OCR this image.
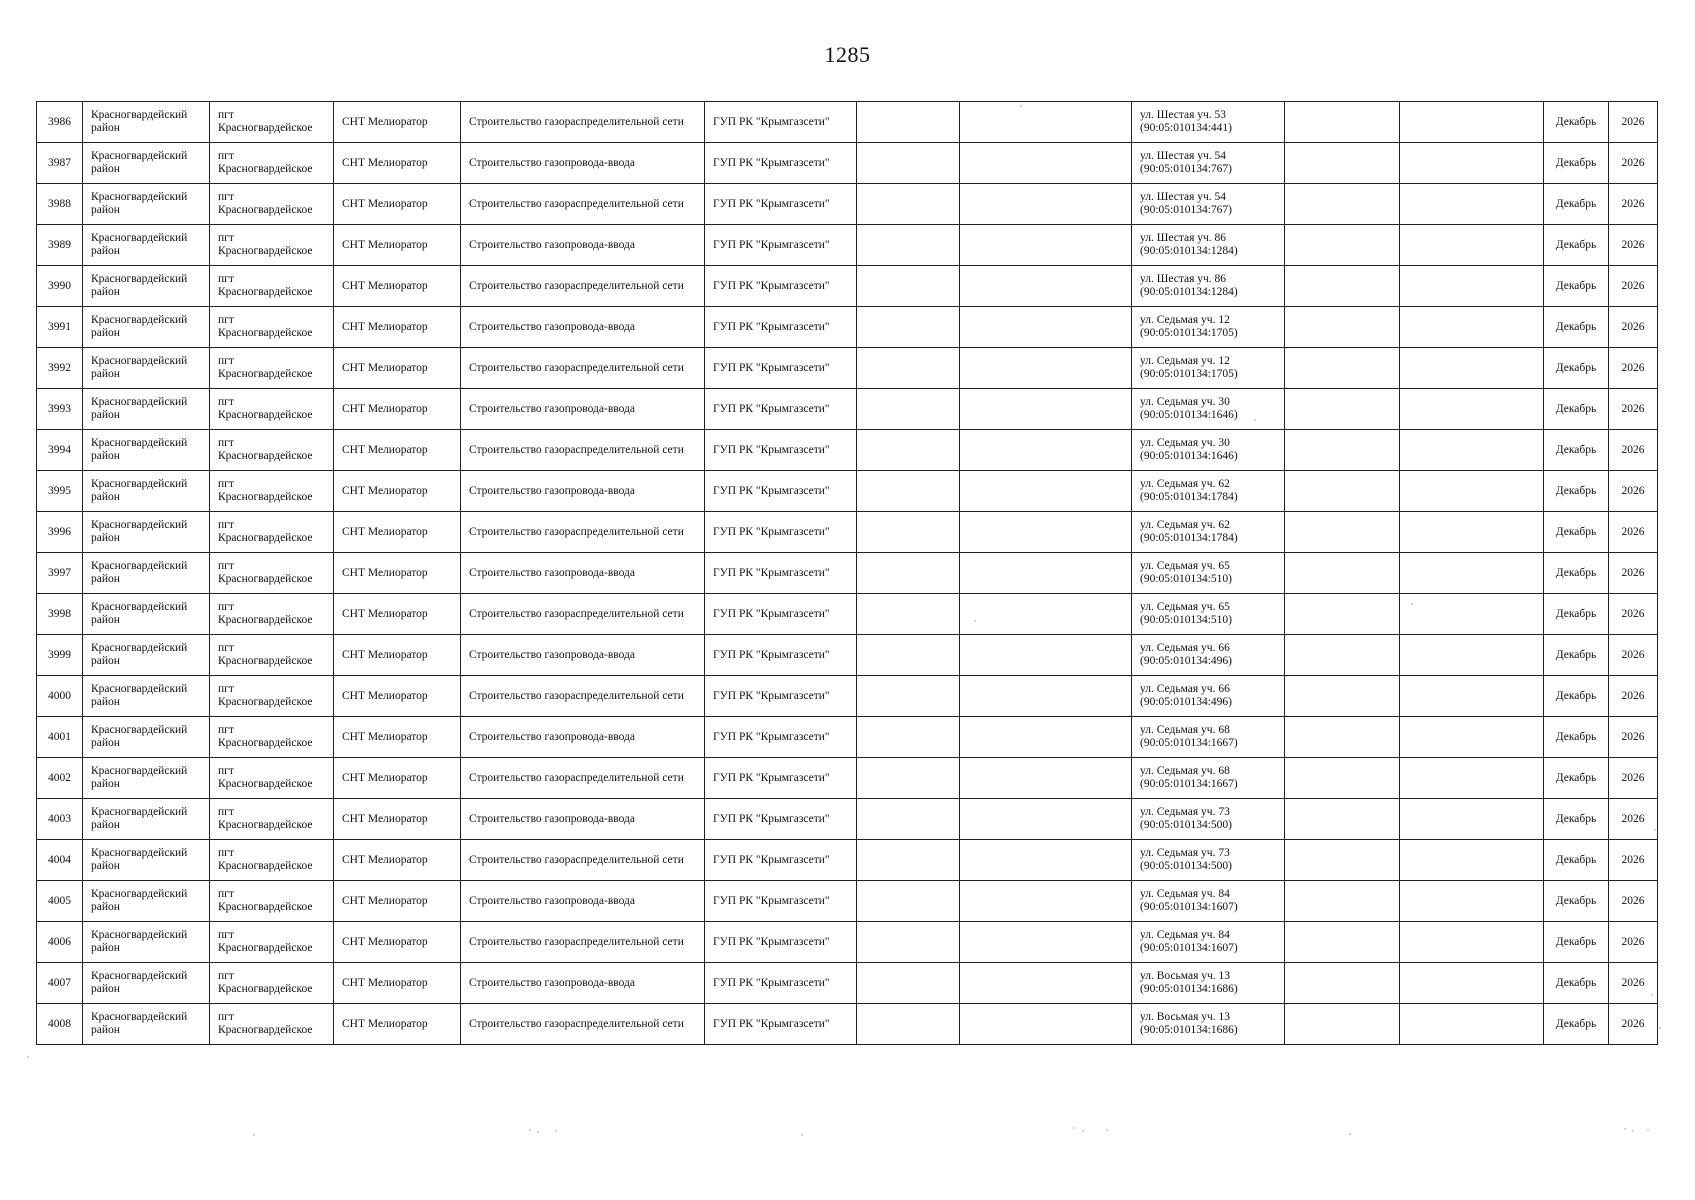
1285
3986	Красногвардейский район	пгт Красногвардейское	СНТ Мелиоратор	Строительство газораспределительной сети	ГУП РК "Крымгазсети"			ул. Шестая уч. 53 (90:05:010134:441)			Декабрь	2026
3987	Красногвардейский район	пгт Красногвардейское	СНТ Мелиоратор	Строительство газопровода-ввода	ГУП РК "Крымгазсети"			ул. Шестая уч. 54 (90:05:010134:767)			Декабрь	2026
3988	Красногвардейский район	пгт Красногвардейское	СНТ Мелиоратор	Строительство газораспределительной сети	ГУП РК "Крымгазсети"			ул. Шестая уч. 54 (90:05:010134:767)			Декабрь	2026
3989	Красногвардейский район	пгт Красногвардейское	СНТ Мелиоратор	Строительство газопровода-ввода	ГУП РК "Крымгазсети"			ул. Шестая уч. 86 (90:05:010134:1284)			Декабрь	2026
3990	Красногвардейский район	пгт Красногвардейское	СНТ Мелиоратор	Строительство газораспределительной сети	ГУП РК "Крымгазсети"			ул. Шестая уч. 86 (90:05:010134:1284)			Декабрь	2026
3991	Красногвардейский район	пгт Красногвардейское	СНТ Мелиоратор	Строительство газопровода-ввода	ГУП РК "Крымгазсети"			ул. Седьмая уч. 12 (90:05:010134:1705)			Декабрь	2026
3992	Красногвардейский район	пгт Красногвардейское	СНТ Мелиоратор	Строительство газораспределительной сети	ГУП РК "Крымгазсети"			ул. Седьмая уч. 12 (90:05:010134:1705)			Декабрь	2026
3993	Красногвардейский район	пгт Красногвардейское	СНТ Мелиоратор	Строительство газопровода-ввода	ГУП РК "Крымгазсети"			ул. Седьмая уч. 30 (90:05:010134:1646)			Декабрь	2026
3994	Красногвардейский район	пгт Красногвардейское	СНТ Мелиоратор	Строительство газораспределительной сети	ГУП РК "Крымгазсети"			ул. Седьмая уч. 30 (90:05:010134:1646)			Декабрь	2026
3995	Красногвардейский район	пгт Красногвардейское	СНТ Мелиоратор	Строительство газопровода-ввода	ГУП РК "Крымгазсети"			ул. Седьмая уч. 62 (90:05:010134:1784)			Декабрь	2026
3996	Красногвардейский район	пгт Красногвардейское	СНТ Мелиоратор	Строительство газораспределительной сети	ГУП РК "Крымгазсети"			ул. Седьмая уч. 62 (90:05:010134:1784)			Декабрь	2026
3997	Красногвардейский район	пгт Красногвардейское	СНТ Мелиоратор	Строительство газопровода-ввода	ГУП РК "Крымгазсети"			ул. Седьмая уч. 65 (90:05:010134:510)			Декабрь	2026
3998	Красногвардейский район	пгт Красногвардейское	СНТ Мелиоратор	Строительство газораспределительной сети	ГУП РК "Крымгазсети"			ул. Седьмая уч. 65 (90:05:010134:510)			Декабрь	2026
3999	Красногвардейский район	пгт Красногвардейское	СНТ Мелиоратор	Строительство газопровода-ввода	ГУП РК "Крымгазсети"			ул. Седьмая уч. 66 (90:05:010134:496)			Декабрь	2026
4000	Красногвардейский район	пгт Красногвардейское	СНТ Мелиоратор	Строительство газораспределительной сети	ГУП РК "Крымгазсети"			ул. Седьмая уч. 66 (90:05:010134:496)			Декабрь	2026
4001	Красногвардейский район	пгт Красногвардейское	СНТ Мелиоратор	Строительство газопровода-ввода	ГУП РК "Крымгазсети"			ул. Седьмая уч. 68 (90:05:010134:1667)			Декабрь	2026
4002	Красногвардейский район	пгт Красногвардейское	СНТ Мелиоратор	Строительство газораспределительной сети	ГУП РК "Крымгазсети"			ул. Седьмая уч. 68 (90:05:010134:1667)			Декабрь	2026
4003	Красногвардейский район	пгт Красногвардейское	СНТ Мелиоратор	Строительство газопровода-ввода	ГУП РК "Крымгазсети"			ул. Седьмая уч. 73 (90:05:010134:500)			Декабрь	2026
4004	Красногвардейский район	пгт Красногвардейское	СНТ Мелиоратор	Строительство газораспределительной сети	ГУП РК "Крымгазсети"			ул. Седьмая уч. 73 (90:05:010134:500)			Декабрь	2026
4005	Красногвардейский район	пгт Красногвардейское	СНТ Мелиоратор	Строительство газопровода-ввода	ГУП РК "Крымгазсети"			ул. Седьмая уч. 84 (90:05:010134:1607)			Декабрь	2026
4006	Красногвардейский район	пгт Красногвардейское	СНТ Мелиоратор	Строительство газораспределительной сети	ГУП РК "Крымгазсети"			ул. Седьмая уч. 84 (90:05:010134:1607)			Декабрь	2026
4007	Красногвардейский район	пгт Красногвардейское	СНТ Мелиоратор	Строительство газопровода-ввода	ГУП РК "Крымгазсети"			ул. Восьмая уч. 13 (90:05:010134:1686)			Декабрь	2026
4008	Красногвардейский район	пгт Красногвардейское	СНТ Мелиоратор	Строительство газораспределительной сети	ГУП РК "Крымгазсети"			ул. Восьмая уч. 13 (90:05:010134:1686)			Декабрь	2026
